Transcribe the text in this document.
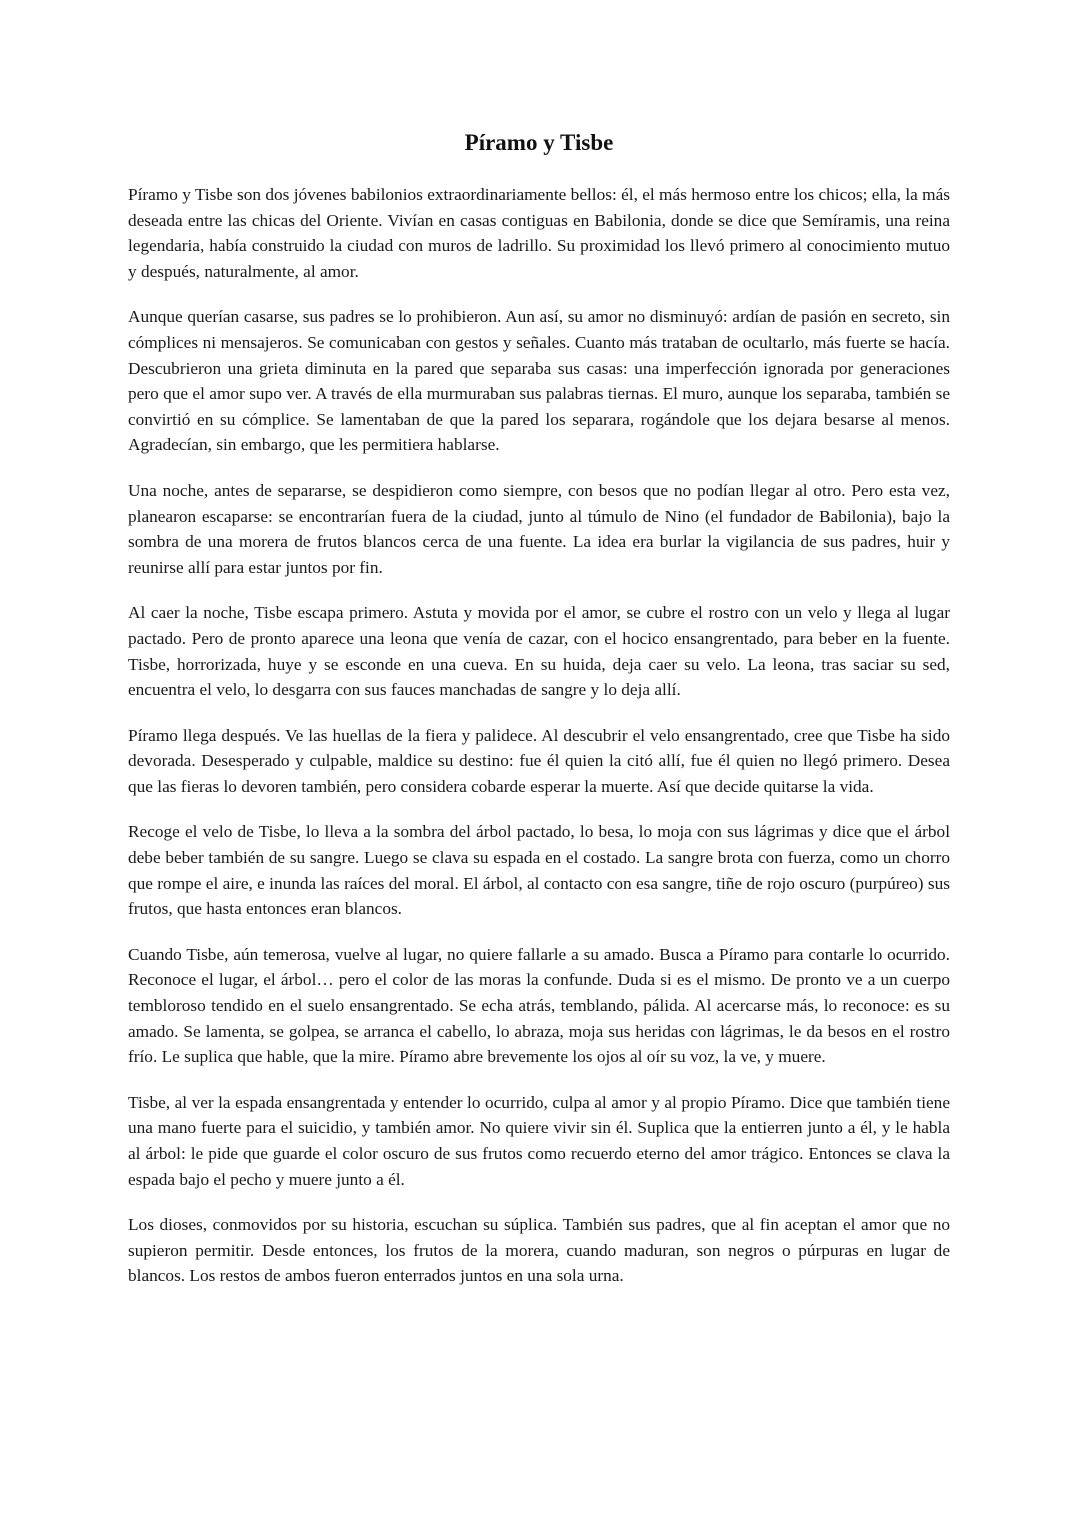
Píramo y Tisbe

Píramo y Tisbe son dos jóvenes babilonios extraordinariamente bellos: él, el más hermoso entre los chicos; ella, la más deseada entre las chicas del Oriente. Vivían en casas contiguas en Babilonia, donde se dice que Semíramis, una reina legendaria, había construido la ciudad con muros de ladrillo. Su proximidad los llevó primero al conocimiento mutuo y después, naturalmente, al amor.

Aunque querían casarse, sus padres se lo prohibieron. Aun así, su amor no disminuyó: ardían de pasión en secreto, sin cómplices ni mensajeros. Se comunicaban con gestos y señales. Cuanto más trataban de ocultarlo, más fuerte se hacía. Descubrieron una grieta diminuta en la pared que separaba sus casas: una imperfección ignorada por generaciones pero que el amor supo ver. A través de ella murmuraban sus palabras tiernas. El muro, aunque los separaba, también se convirtió en su cómplice. Se lamentaban de que la pared los separara, rogándole que los dejara besarse al menos. Agradecían, sin embargo, que les permitiera hablarse.

Una noche, antes de separarse, se despidieron como siempre, con besos que no podían llegar al otro. Pero esta vez, planearon escaparse: se encontrarían fuera de la ciudad, junto al túmulo de Nino (el fundador de Babilonia), bajo la sombra de una morera de frutos blancos cerca de una fuente. La idea era burlar la vigilancia de sus padres, huir y reunirse allí para estar juntos por fin.

Al caer la noche, Tisbe escapa primero. Astuta y movida por el amor, se cubre el rostro con un velo y llega al lugar pactado. Pero de pronto aparece una leona que venía de cazar, con el hocico ensangrentado, para beber en la fuente. Tisbe, horrorizada, huye y se esconde en una cueva. En su huida, deja caer su velo. La leona, tras saciar su sed, encuentra el velo, lo desgarra con sus fauces manchadas de sangre y lo deja allí.

Píramo llega después. Ve las huellas de la fiera y palidece. Al descubrir el velo ensangrentado, cree que Tisbe ha sido devorada. Desesperado y culpable, maldice su destino: fue él quien la citó allí, fue él quien no llegó primero. Desea que las fieras lo devoren también, pero considera cobarde esperar la muerte. Así que decide quitarse la vida.

Recoge el velo de Tisbe, lo lleva a la sombra del árbol pactado, lo besa, lo moja con sus lágrimas y dice que el árbol debe beber también de su sangre. Luego se clava su espada en el costado. La sangre brota con fuerza, como un chorro que rompe el aire, e inunda las raíces del moral. El árbol, al contacto con esa sangre, tiñe de rojo oscuro (purpúreo) sus frutos, que hasta entonces eran blancos.

Cuando Tisbe, aún temerosa, vuelve al lugar, no quiere fallarle a su amado. Busca a Píramo para contarle lo ocurrido. Reconoce el lugar, el árbol… pero el color de las moras la confunde. Duda si es el mismo. De pronto ve a un cuerpo tembloroso tendido en el suelo ensangrentado. Se echa atrás, temblando, pálida. Al acercarse más, lo reconoce: es su amado. Se lamenta, se golpea, se arranca el cabello, lo abraza, moja sus heridas con lágrimas, le da besos en el rostro frío. Le suplica que hable, que la mire. Píramo abre brevemente los ojos al oír su voz, la ve, y muere.

Tisbe, al ver la espada ensangrentada y entender lo ocurrido, culpa al amor y al propio Píramo. Dice que también tiene una mano fuerte para el suicidio, y también amor. No quiere vivir sin él. Suplica que la entierren junto a él, y le habla al árbol: le pide que guarde el color oscuro de sus frutos como recuerdo eterno del amor trágico. Entonces se clava la espada bajo el pecho y muere junto a él.

Los dioses, conmovidos por su historia, escuchan su súplica. También sus padres, que al fin aceptan el amor que no supieron permitir. Desde entonces, los frutos de la morera, cuando maduran, son negros o púrpuras en lugar de blancos. Los restos de ambos fueron enterrados juntos en una sola urna.
